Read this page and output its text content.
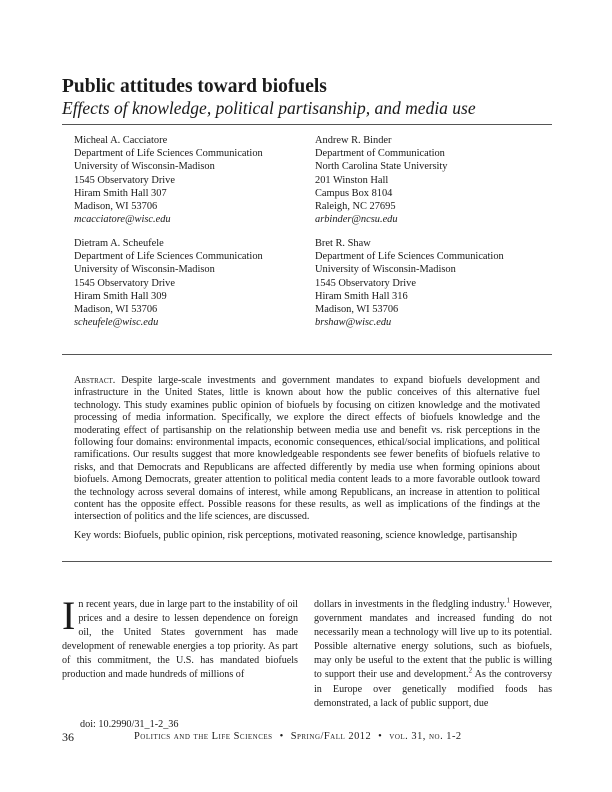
Public attitudes toward biofuels
Effects of knowledge, political partisanship, and media use
Micheal A. Cacciatore
Department of Life Sciences Communication
University of Wisconsin-Madison
1545 Observatory Drive
Hiram Smith Hall 307
Madison, WI 53706
mcacciatore@wisc.edu
Andrew R. Binder
Department of Communication
North Carolina State University
201 Winston Hall
Campus Box 8104
Raleigh, NC 27695
arbinder@ncsu.edu
Dietram A. Scheufele
Department of Life Sciences Communication
University of Wisconsin-Madison
1545 Observatory Drive
Hiram Smith Hall 309
Madison, WI 53706
scheufele@wisc.edu
Bret R. Shaw
Department of Life Sciences Communication
University of Wisconsin-Madison
1545 Observatory Drive
Hiram Smith Hall 316
Madison, WI 53706
brshaw@wisc.edu
Abstract. Despite large-scale investments and government mandates to expand biofuels development and infrastructure in the United States, little is known about how the public conceives of this alternative fuel technology. This study examines public opinion of biofuels by focusing on citizen knowledge and the motivated processing of media information. Specifically, we explore the direct effects of biofuels knowledge and the moderating effect of partisanship on the relationship between media use and benefit vs. risk perceptions in the following four domains: environmental impacts, economic consequences, ethical/social implications, and political ramifications. Our results suggest that more knowledgeable respondents see fewer benefits of biofuels relative to risks, and that Democrats and Republicans are affected differently by media use when forming opinions about biofuels. Among Democrats, greater attention to political media content leads to a more favorable outlook toward the technology across several domains of interest, while among Republicans, an increase in attention to political content has the opposite effect. Possible reasons for these results, as well as implications of the findings at the intersection of politics and the life sciences, are discussed.
Key words: Biofuels, public opinion, risk perceptions, motivated reasoning, science knowledge, partisanship
In recent years, due in large part to the instability of oil prices and a desire to lessen dependence on foreign oil, the United States government has made development of renewable energies a top priority. As part of this commitment, the U.S. has mandated biofuels production and made hundreds of millions of
dollars in investments in the fledgling industry.$^1$ However, government mandates and increased funding do not necessarily mean a technology will live up to its potential. Possible alternative energy solutions, such as biofuels, may only be useful to the extent that the public is willing to support their use and development.$^2$ As the controversy in Europe over genetically modified foods has demonstrated, a lack of public support, due
doi: 10.2990/31_1-2_36
36	Politics and the Life Sciences • Spring/Fall 2012 • vol. 31, no. 1-2
